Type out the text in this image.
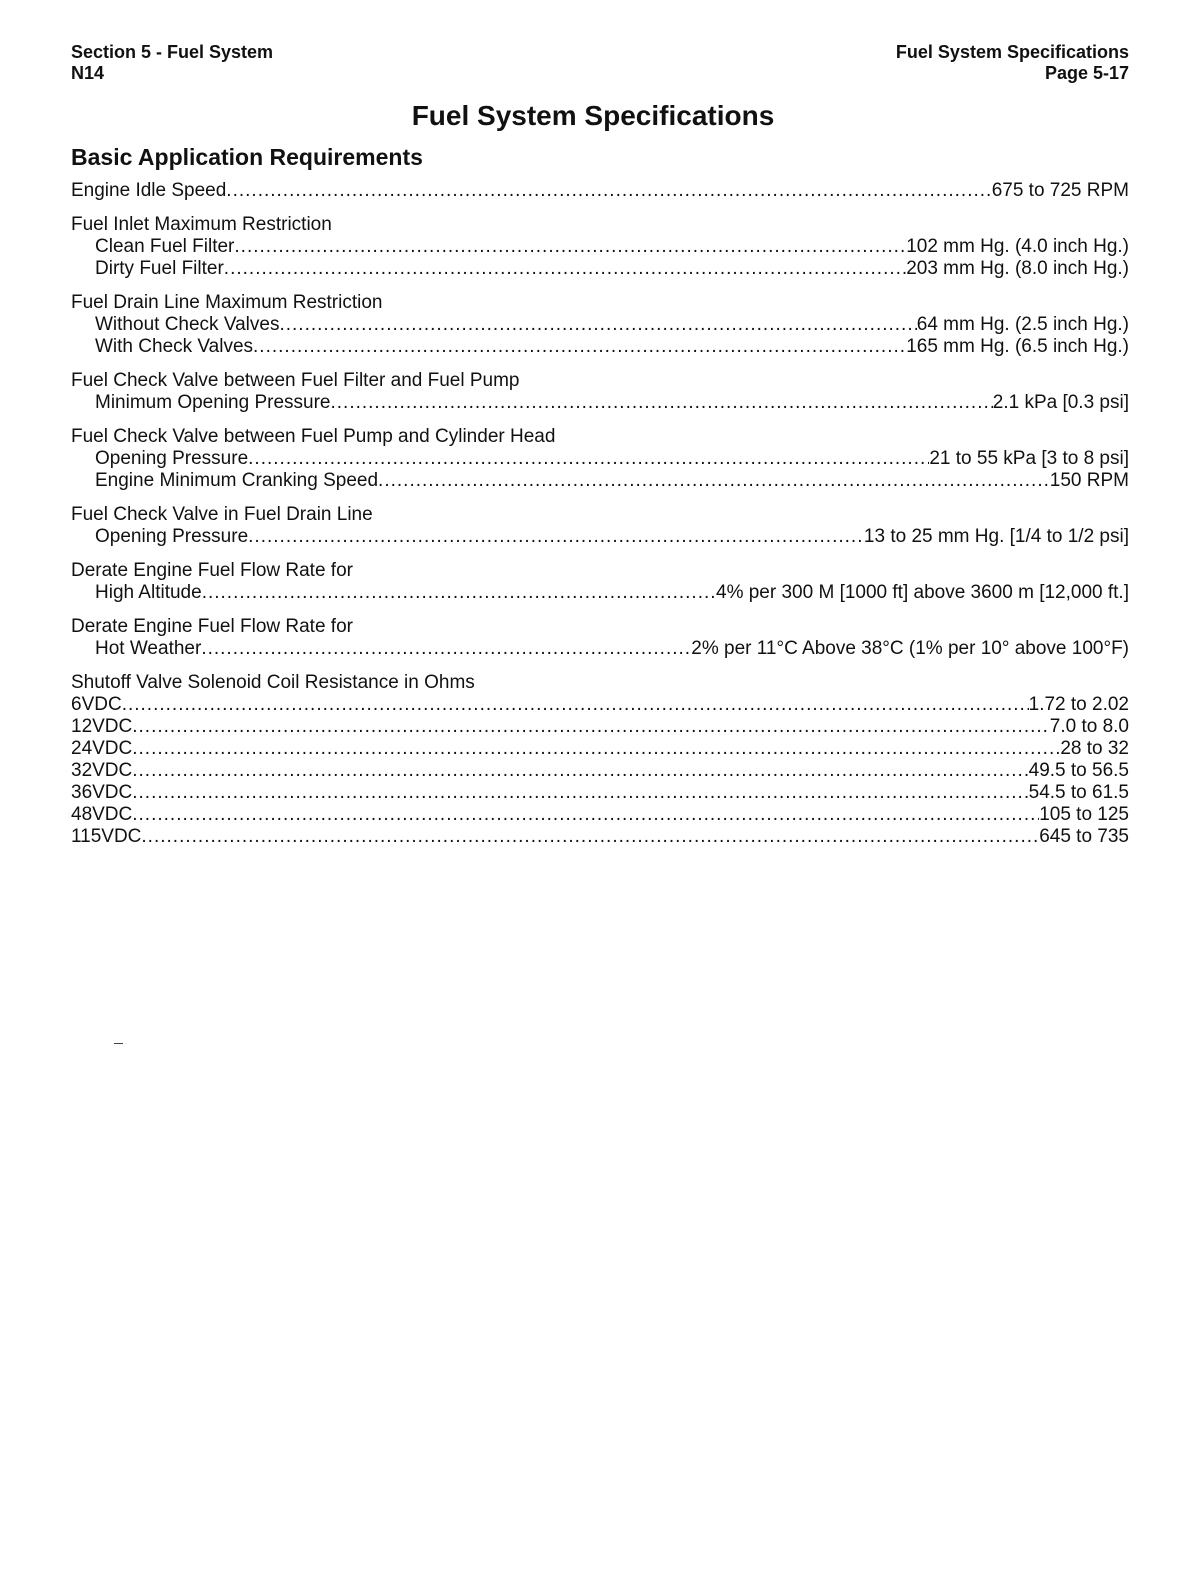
Section 5 - Fuel System
N14
Fuel System Specifications
Page 5-17
Fuel System Specifications
Basic Application Requirements
Engine Idle Speed .....	675 to 725 RPM
Fuel Inlet Maximum Restriction
Clean Fuel Filter .....	102 mm Hg. (4.0 inch Hg.)
Dirty Fuel Filter .....	203 mm Hg. (8.0 inch Hg.)
Fuel Drain Line Maximum Restriction
Without Check Valves .....	64 mm Hg. (2.5 inch Hg.)
With Check Valves .....	165 mm Hg. (6.5 inch Hg.)
Fuel Check Valve between Fuel Filter and Fuel Pump
Minimum Opening Pressure .....	2.1 kPa [0.3 psi]
Fuel Check Valve between Fuel Pump and Cylinder Head
Opening Pressure .....	21 to 55 kPa [3 to 8 psi]
Engine Minimum Cranking Speed .....	150 RPM
Fuel Check Valve in Fuel Drain Line
Opening Pressure .....	13 to 25 mm Hg. [1/4 to 1/2 psi]
Derate Engine Fuel Flow Rate for
High Altitude .....	4% per 300 M [1000 ft] above 3600 m [12,000 ft.]
Derate Engine Fuel Flow Rate for
Hot Weather .....	2% per 11°C Above 38°C (1% per 10° above 100°F)
Shutoff Valve Solenoid Coil Resistance in Ohms
6VDC .....	1.72 to 2.02
12VDC .....	7.0 to 8.0
24VDC .....	28 to 32
32VDC .....	49.5 to 56.5
36VDC .....	54.5 to 61.5
48VDC .....	105 to 125
115VDC .....	645 to 735
